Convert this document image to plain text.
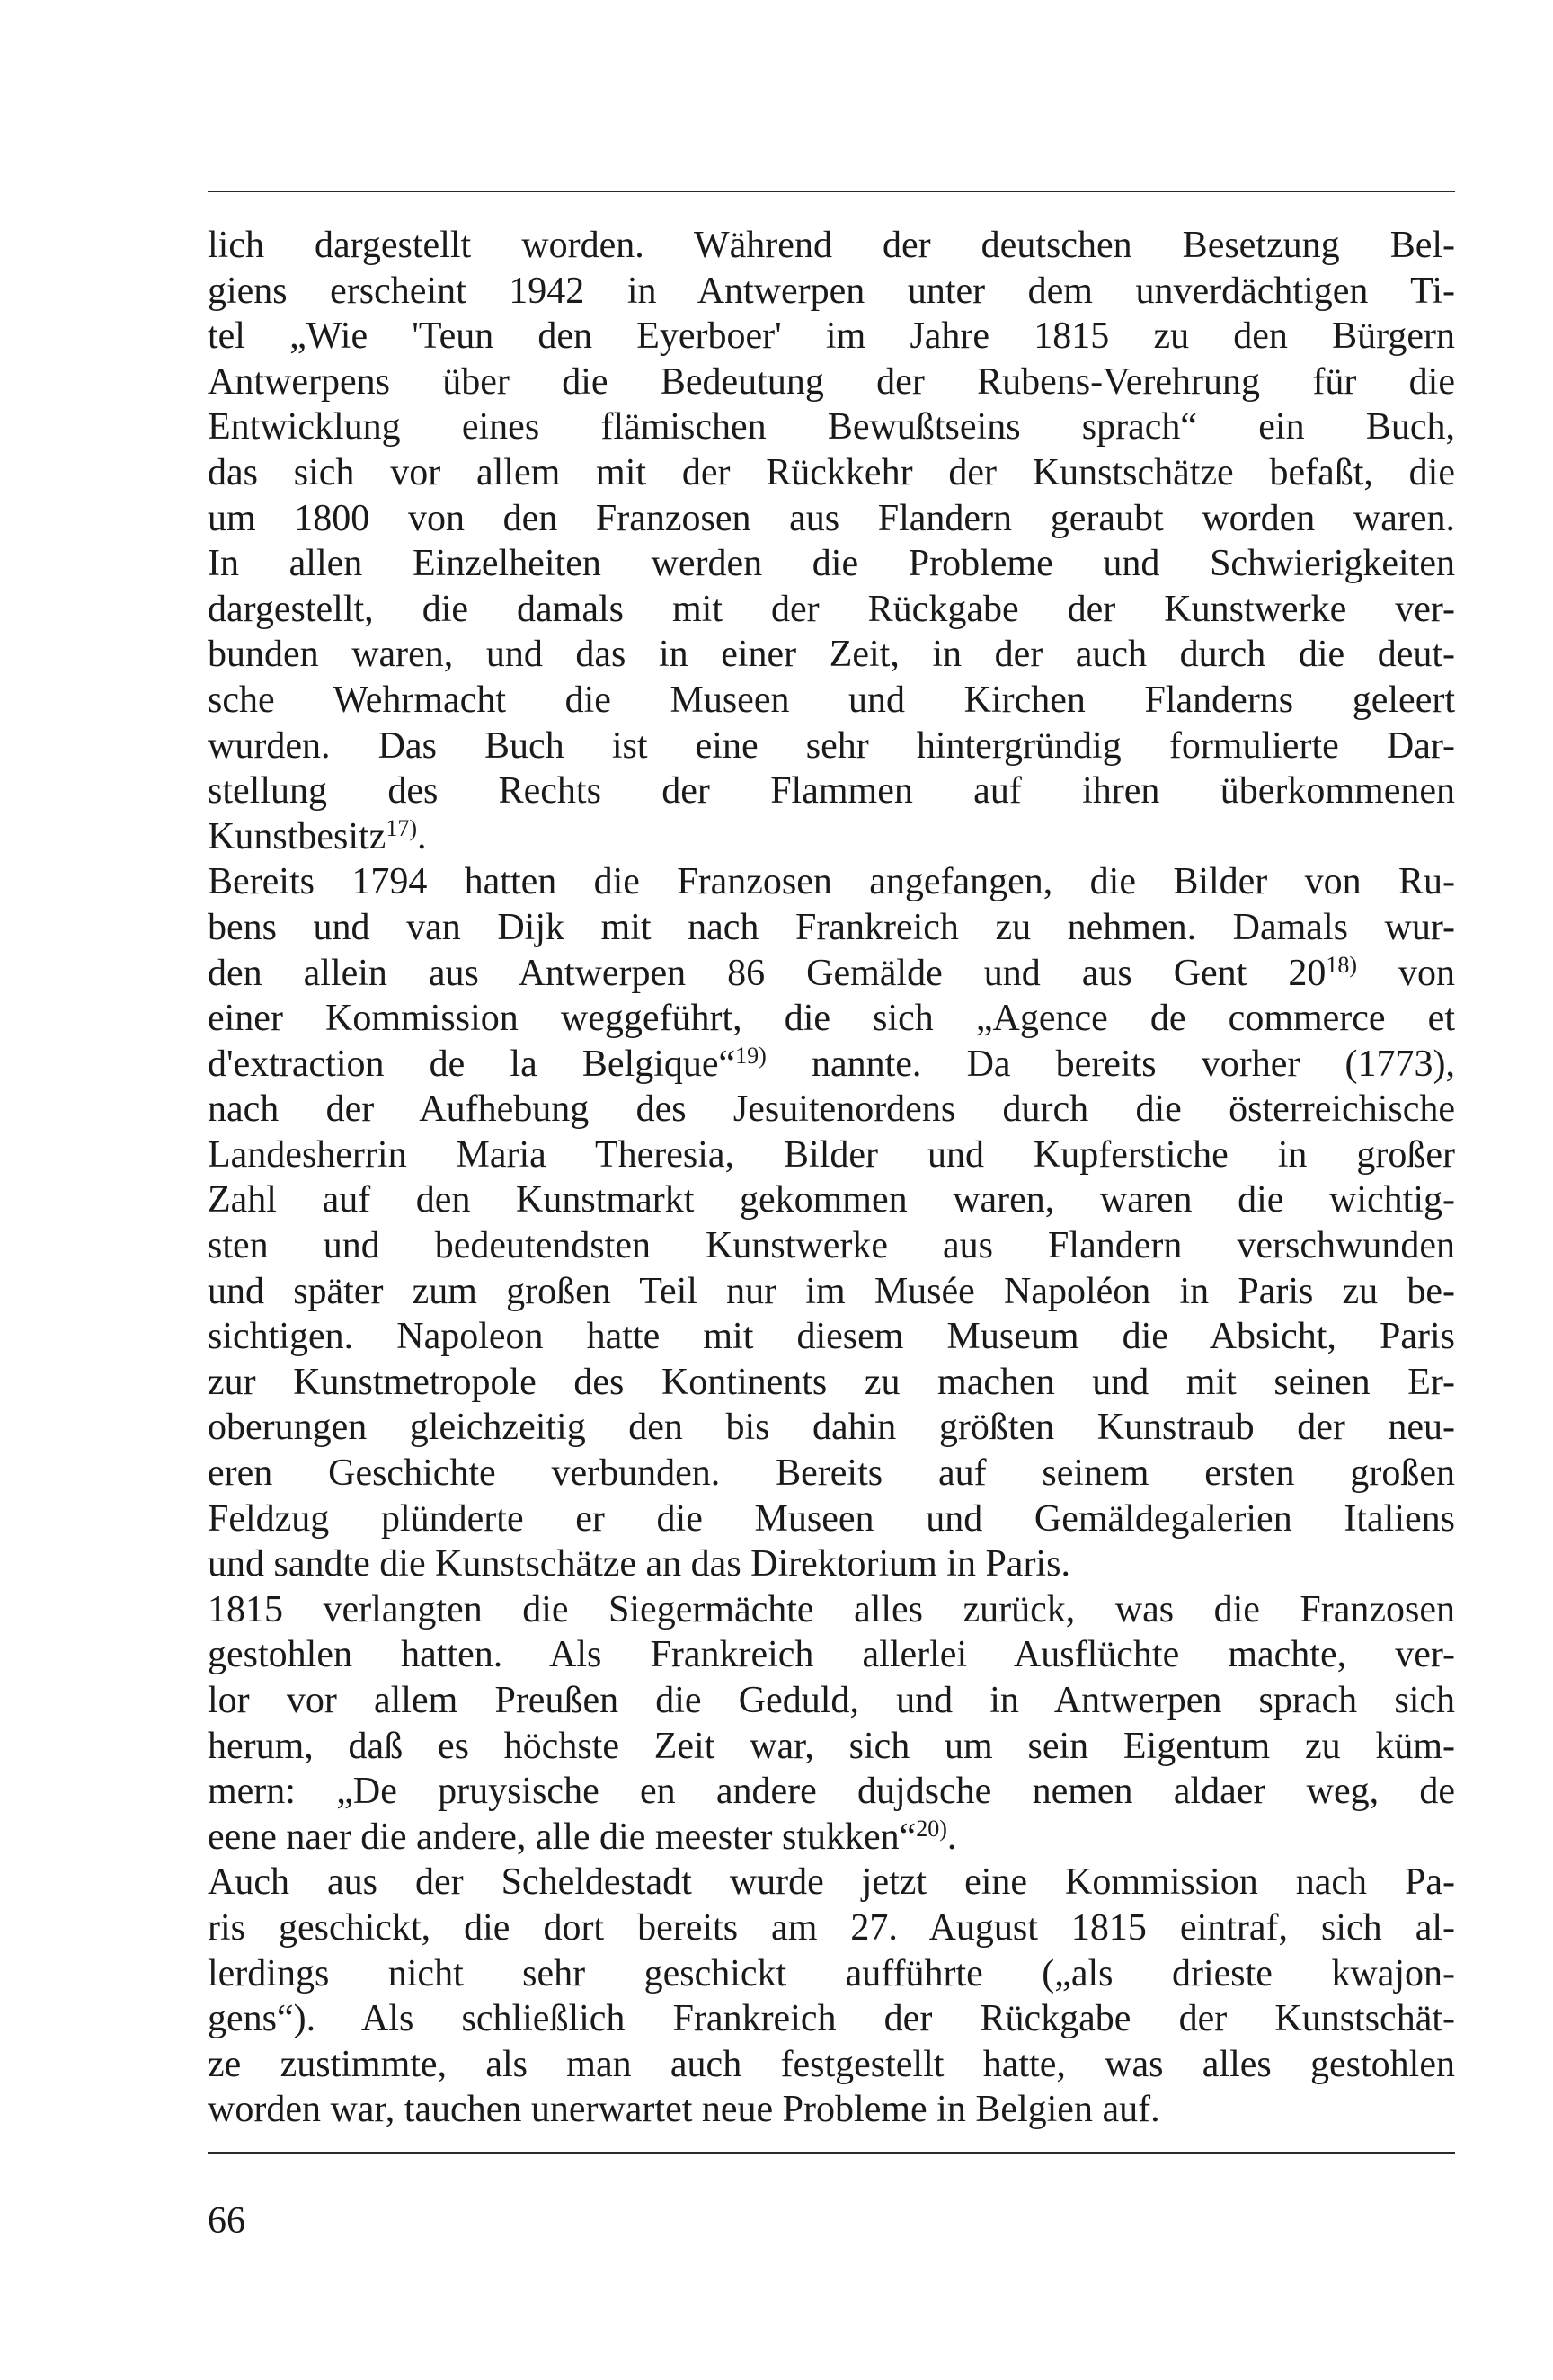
lich dargestellt worden. Während der deutschen Besetzung Bel-
giens erscheint 1942 in Antwerpen unter dem unverdächtigen Ti-
tel „Wie 'Teun den Eyerboer' im Jahre 1815 zu den Bürgern
Antwerpens über die Bedeutung der Rubens-Verehrung für die
Entwicklung eines flämischen Bewußtseins sprach“ ein Buch,
das sich vor allem mit der Rückkehr der Kunstschätze befaßt, die
um 1800 von den Franzosen aus Flandern geraubt worden waren.
In allen Einzelheiten werden die Probleme und Schwierigkeiten
dargestellt, die damals mit der Rückgabe der Kunstwerke ver-
bunden waren, und das in einer Zeit, in der auch durch die deut-
sche Wehrmacht die Museen und Kirchen Flanderns geleert
wurden. Das Buch ist eine sehr hintergründig formulierte Dar-
stellung des Rechts der Flammen auf ihren überkommenen
Kunstbesitz$^{17)}$.
Bereits 1794 hatten die Franzosen angefangen, die Bilder von Ru-
bens und van Dijk mit nach Frankreich zu nehmen. Damals wur-
den allein aus Antwerpen 86 Gemälde und aus Gent 20$^{18)}$ von
einer Kommission weggeführt, die sich „Agence de commerce et
d'extraction de la Belgique“$^{19)}$ nannte. Da bereits vorher (1773),
nach der Aufhebung des Jesuitenordens durch die österreichische
Landesherrin Maria Theresia, Bilder und Kupferstiche in großer
Zahl auf den Kunstmarkt gekommen waren, waren die wichtig-
sten und bedeutendsten Kunstwerke aus Flandern verschwunden
und später zum großen Teil nur im Musée Napoléon in Paris zu be-
sichtigen. Napoleon hatte mit diesem Museum die Absicht, Paris
zur Kunstmetropole des Kontinents zu machen und mit seinen Er-
oberungen gleichzeitig den bis dahin größten Kunstraub der neu-
eren Geschichte verbunden. Bereits auf seinem ersten großen
Feldzug plünderte er die Museen und Gemäldegalerien Italiens
und sandte die Kunstschätze an das Direktorium in Paris.
1815 verlangten die Siegermächte alles zurück, was die Franzosen
gestohlen hatten. Als Frankreich allerlei Ausflüchte machte, ver-
lor vor allem Preußen die Geduld, und in Antwerpen sprach sich
herum, daß es höchste Zeit war, sich um sein Eigentum zu küm-
mern: „De pruysische en andere dujdsche nemen aldaer weg, de
eene naer die andere, alle die meester stukken“$^{20)}$.
Auch aus der Scheldestadt wurde jetzt eine Kommission nach Pa-
ris geschickt, die dort bereits am 27. August 1815 eintraf, sich al-
lerdings nicht sehr geschickt aufführte („als drieste kwajon-
gens“). Als schließlich Frankreich der Rückgabe der Kunstschät-
ze zustimmte, als man auch festgestellt hatte, was alles gestohlen
worden war, tauchen unerwartet neue Probleme in Belgien auf.
66
